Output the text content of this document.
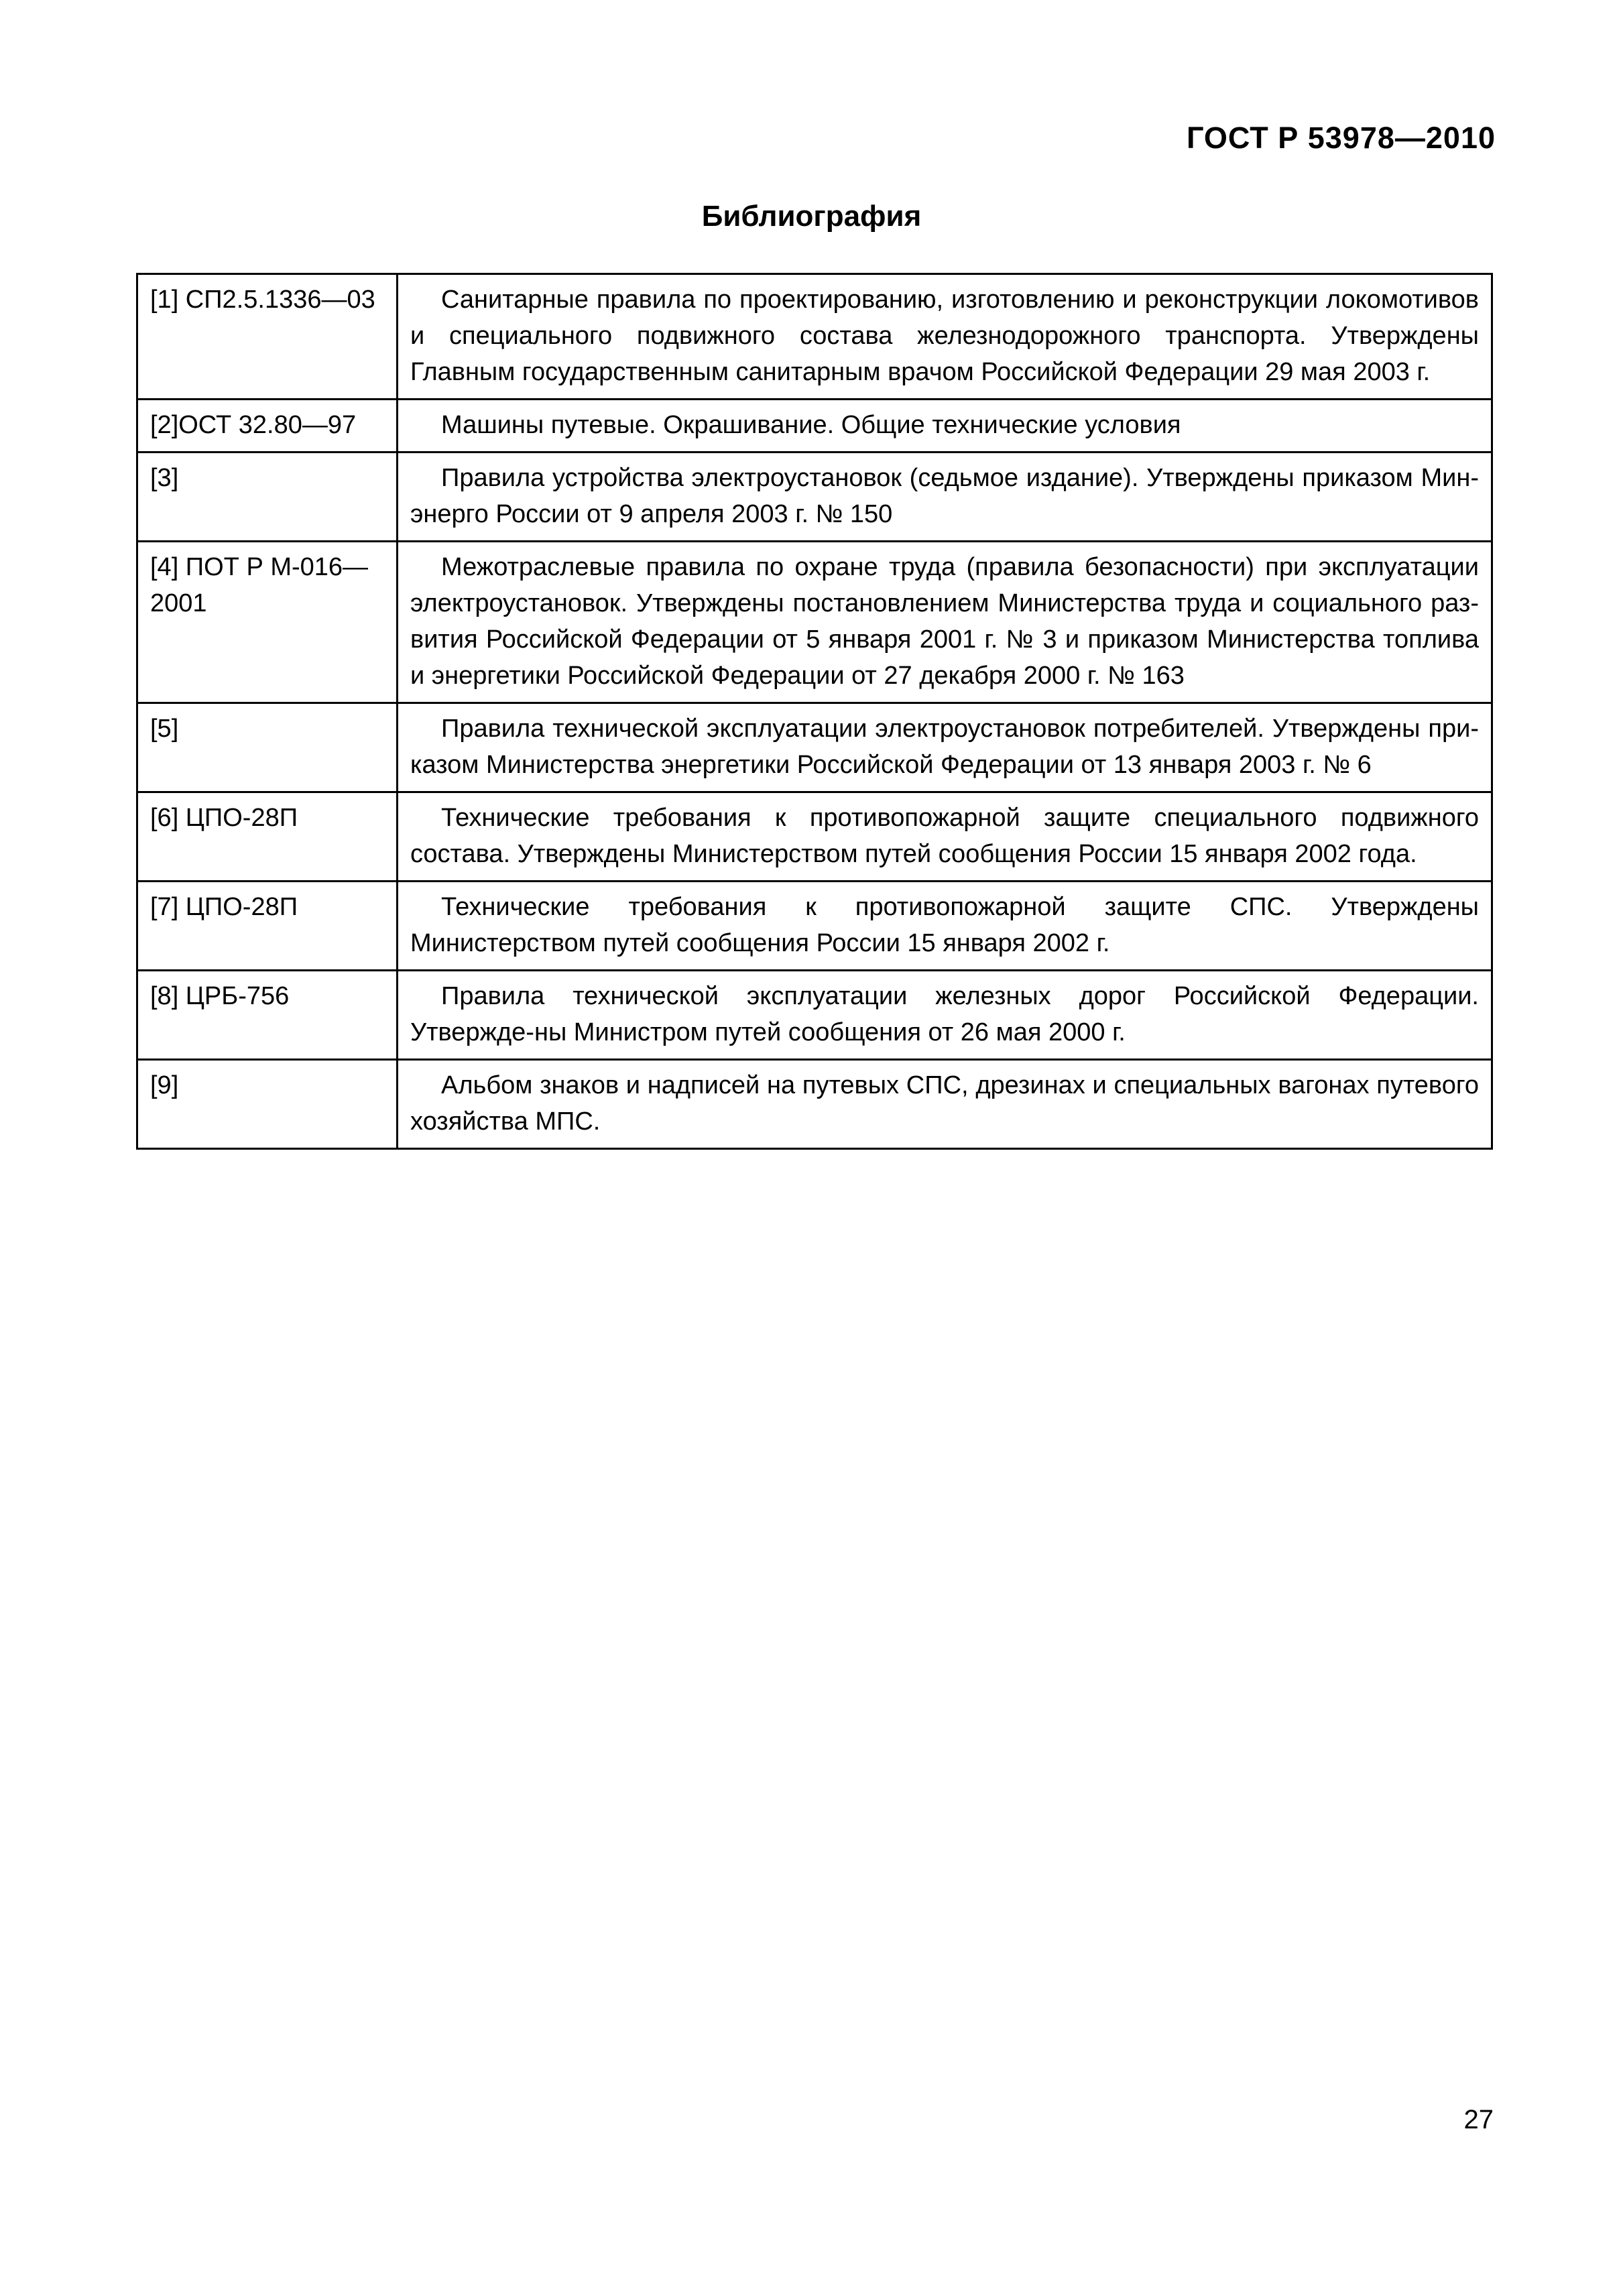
ГОСТ Р 53978—2010

Библиография
[1] СП2.5.1336—03	Санитарные правила по проектированию, изготовлению и реконструкции локомотивов и специального подвижного состава железнодорожного транспорта. Утверждены Главным государственным санитарным врачом Российской Федерации 29 мая 2003 г.
[2]ОСТ 32.80—97	Машины путевые. Окрашивание. Общие технические условия
[3]	Правила устройства электроустановок (седьмое издание). Утверждены приказом Мин-энерго России от 9 апреля 2003 г. № 150
[4] ПОТ Р М-016—2001	Межотраслевые правила по охране труда (правила безопасности) при эксплуатации электроустановок. Утверждены постановлением Министерства труда и социального раз-вития Российской Федерации от 5 января 2001 г. № 3 и приказом Министерства топлива и энергетики Российской Федерации от 27 декабря 2000 г. № 163
[5]	Правила технической эксплуатации электроустановок потребителей. Утверждены при-казом Министерства энергетики Российской Федерации от 13 января 2003 г. № 6
[6] ЦПО-28П	Технические требования к противопожарной защите специального подвижного состава. Утверждены Министерством путей сообщения России 15 января 2002 года.
[7] ЦПО-28П	Технические требования к противопожарной защите СПС. Утверждены Министерством путей сообщения России 15 января 2002 г.
[8] ЦРБ-756	Правила технической эксплуатации железных дорог Российской Федерации. Утвержде-ны Министром путей сообщения от 26 мая 2000 г.
[9]	Альбом знаков и надписей на путевых СПС, дрезинах и специальных вагонах путевого хозяйства МПС.

27
